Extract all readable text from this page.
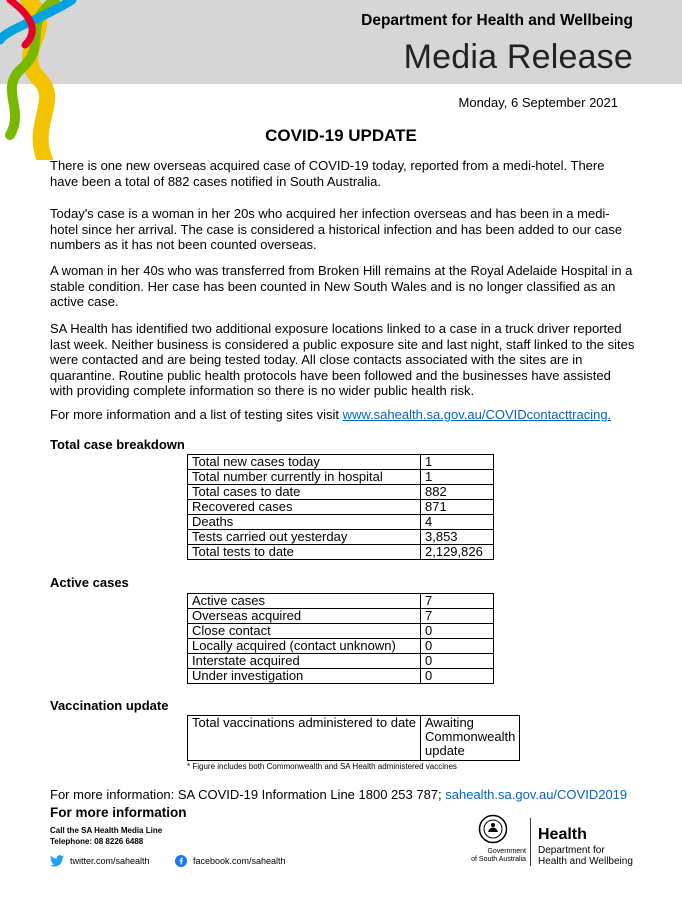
Department for Health and Wellbeing
Media Release
Monday, 6 September 2021
COVID-19 UPDATE

There is one new overseas acquired case of COVID-19 today, reported from a medi-hotel. There have been a total of 882 cases notified in South Australia.

Today's case is a woman in her 20s who acquired her infection overseas and has been in a medi-hotel since her arrival. The case is considered a historical infection and has been added to our case numbers as it has not been counted overseas.

A woman in her 40s who was transferred from Broken Hill remains at the Royal Adelaide Hospital in a stable condition. Her case has been counted in New South Wales and is no longer classified as an active case.

SA Health has identified two additional exposure locations linked to a case in a truck driver reported last week. Neither business is considered a public exposure site and last night, staff linked to the sites were contacted and are being tested today. All close contacts associated with the sites are in quarantine. Routine public health protocols have been followed and the businesses have assisted with providing complete information so there is no wider public health risk.

For more information and a list of testing sites visit www.sahealth.sa.gov.au/COVIDcontacttracing.
Total case breakdown
Total new cases today	1
Total number currently in hospital	1
Total cases to date	882
Recovered cases	871
Deaths	4
Tests carried out yesterday	3,853
Total tests to date	2,129,826
Active cases
Active cases	7
Overseas acquired	7
Close contact	0
Locally acquired (contact unknown)	0
Interstate acquired	0
Under investigation	0
Vaccination update
Total vaccinations administered to date	Awaiting Commonwealth update
* Figure includes both Commonwealth and SA Health administered vaccines
For more information: SA COVID-19 Information Line 1800 253 787; sahealth.sa.gov.au/COVID2019
For more information
Call the SA Health Media Line
Telephone: 08 8226 6488
twitter.com/sahealth	facebook.com/sahealth
Government
of South Australia
Health
Department for
Health and Wellbeing
